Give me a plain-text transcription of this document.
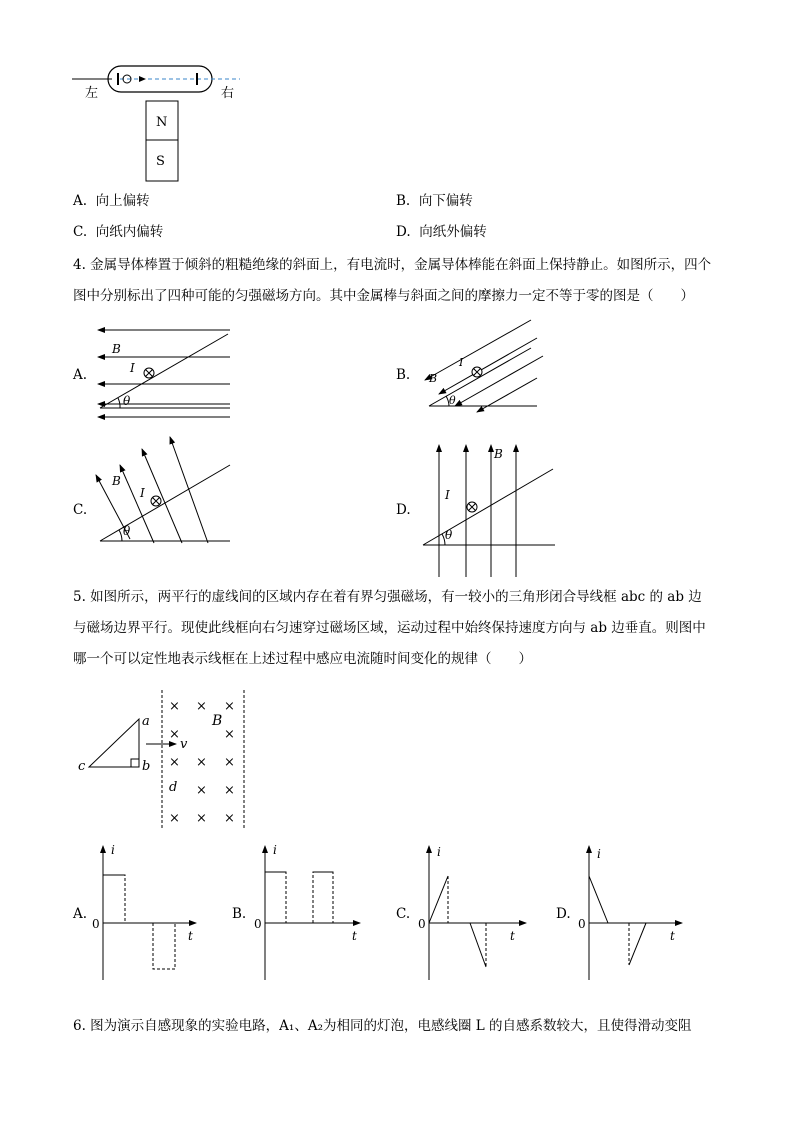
左	右
N
S
A. 向上偏转	B. 向下偏转
C. 向纸内偏转	D. 向纸外偏转
4. 金属导体棒置于倾斜的粗糙绝缘的斜面上，有电流时，金属导体棒能在斜面上保持静止。如图所示，四个图中分别标出了四种可能的匀强磁场方向。其中金属棒与斜面之间的摩擦力一定不等于零的图是（　　）
A.
θ
B
I	B.
θ
B
I
C.
θ
B
I
D.
θ
B
I
5. 如图所示，两平行的虚线间的区域内存在着有界匀强磁场，有一较小的三角形闭合导线框 abc 的 ab 边与磁场边界平行。现使此线框向右匀速穿过磁场区域，运动过程中始终保持速度方向与 ab 边垂直。则图中哪一个可以定性地表示线框在上述过程中感应电流随时间变化的规律（　　）
a
b
c
v
B
d
× × ×
×	×
× ×
×
× ×
× × ×
A.
i
t
0
B.
i
t
0
C.
i
t
0
D.
i
t
0
6. 图为演示自感现象的实验电路，A₁、A₂为相同的灯泡，电感线圈 L 的自感系数较大，且使得滑动变阻
